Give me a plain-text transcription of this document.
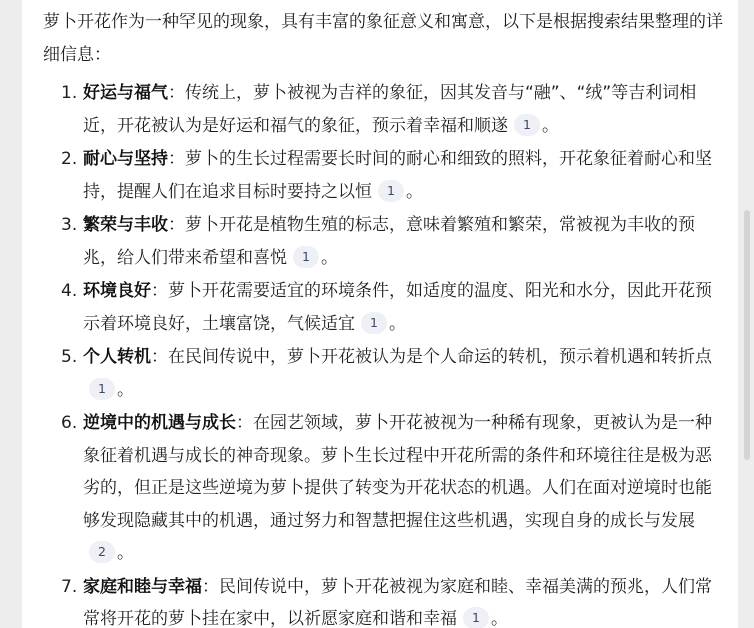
萝卜开花作为一种罕见的现象，具有丰富的象征意义和寓意，以下是根据搜索结果整理的详细信息：

1. 好运与福气：传统上，萝卜被视为吉祥的象征，因其发音与“融”、“绒”等吉利词相近，开花被认为是好运和福气的象征，预示着幸福和顺遂 1 。
2. 耐心与坚持：萝卜的生长过程需要长时间的耐心和细致的照料，开花象征着耐心和坚持，提醒人们在追求目标时要持之以恒 1 。
3. 繁荣与丰收：萝卜开花是植物生殖的标志，意味着繁殖和繁荣，常被视为丰收的预兆，给人们带来希望和喜悦 1 。
4. 环境良好：萝卜开花需要适宜的环境条件，如适度的温度、阳光和水分，因此开花预示着环境良好，土壤富饶，气候适宜 1 。
5. 个人转机：在民间传说中，萝卜开花被认为是个人命运的转机，预示着机遇和转折点1 。
6. 逆境中的机遇与成长：在园艺领域，萝卜开花被视为一种稀有现象，更被认为是一种象征着机遇与成长的神奇现象。萝卜生长过程中开花所需的条件和环境往往是极为恶劣的，但正是这些逆境为萝卜提供了转变为开花状态的机遇。人们在面对逆境时也能够发现隐藏其中的机遇，通过努力和智慧把握住这些机遇，实现自身的成长与发展2 。
7. 家庭和睦与幸福：民间传说中，萝卜开花被视为家庭和睦、幸福美满的预兆，人们常常将开花的萝卜挂在家中，以祈愿家庭和谐和幸福 1 。
